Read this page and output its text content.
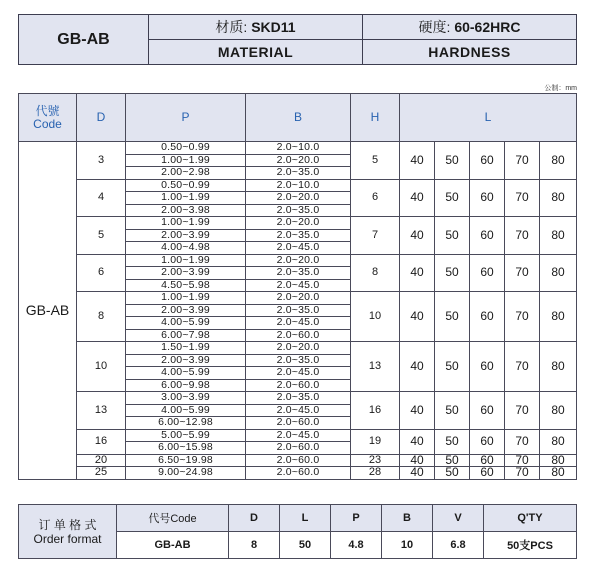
GB-AB	材质: SKD11	硬度: 60-62HRC
	MATERIAL	HARDNESS
公制：mm
代號
Code	D	P	B	H	L				
GB-AB	3	0.50~0.99	2.0~10.0	5	40	50	60	70	80
		1.00~1.99	2.0~20.0						
		2.00~2.98	2.0~35.0						
	4	0.50~0.99	2.0~10.0	6	40	50	60	70	80
		1.00~1.99	2.0~20.0						
		2.00~3.98	2.0~35.0						
	5	1.00~1.99	2.0~20.0	7	40	50	60	70	80
		2.00~3.99	2.0~35.0						
		4.00~4.98	2.0~45.0						
	6	1.00~1.99	2.0~20.0	8	40	50	60	70	80
		2.00~3.99	2.0~35.0						
		4.50~5.98	2.0~45.0						
	8	1.00~1.99	2.0~20.0	10	40	50	60	70	80
		2.00~3.99	2.0~35.0						
		4.00~5.99	2.0~45.0						
		6.00~7.98	2.0~60.0						
	10	1.50~1.99	2.0~20.0	13	40	50	60	70	80
		2.00~3.99	2.0~35.0						
		4.00~5.99	2.0~45.0						
		6.00~9.98	2.0~60.0						
	13	3.00~3.99	2.0~35.0	16	40	50	60	70	80
		4.00~5.99	2.0~45.0						
		6.00~12.98	2.0~60.0						
	16	5.00~5.99	2.0~45.0	19	40	50	60	70	80
		6.00~15.98	2.0~60.0						
	20	6.50~19.98	2.0~60.0	23	40	50	60	70	80
	25	9.00~24.98	2.0~60.0	28	40	50	60	70	80
订 单 格 式
Order format	代号Code	D	L	P	B	V	Q'TY
	GB-AB	8	50	4.8	10	6.8	50支PCS
